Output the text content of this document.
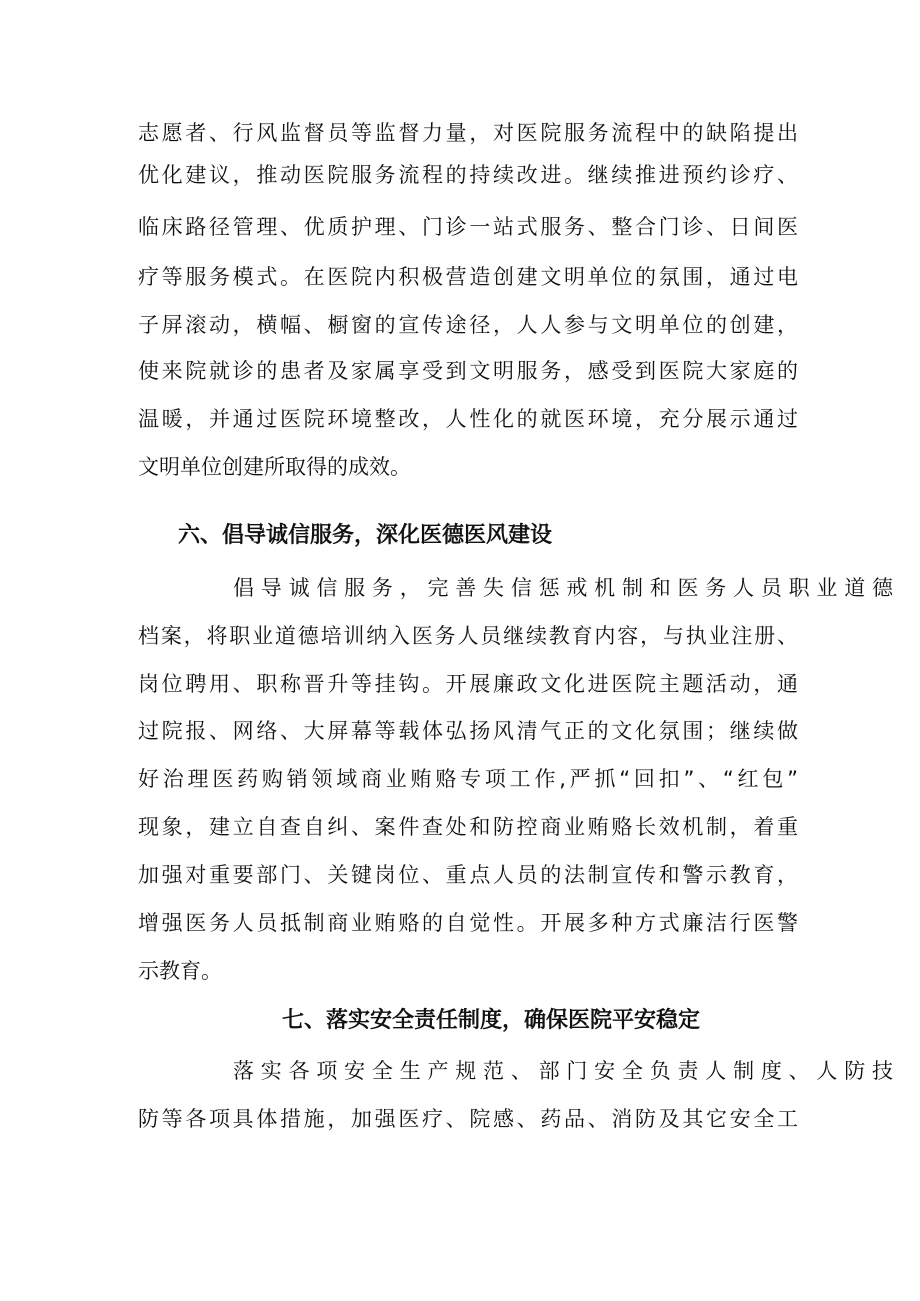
志愿者、行风监督员等监督力量，对医院服务流程中的缺陷提出
优化建议，推动医院服务流程的持续改进。继续推进预约诊疗、
临床路径管理、优质护理、门诊一站式服务、整合门诊、日间医
疗等服务模式。在医院内积极营造创建文明单位的氛围，通过电
子屏滚动，横幅、橱窗的宣传途径，人人参与文明单位的创建，
使来院就诊的患者及家属享受到文明服务，感受到医院大家庭的
温暖，并通过医院环境整改，人性化的就医环境，充分展示通过
文明单位创建所取得的成效。
六、倡导诚信服务，深化医德医风建设
倡导诚信服务，完善失信惩戒机制和医务人员职业道德
档案，将职业道德培训纳入医务人员继续教育内容，与执业注册、
岗位聘用、职称晋升等挂钩。开展廉政文化进医院主题活动，通
过院报、网络、大屏幕等载体弘扬风清气正的文化氛围；继续做
好治理医药购销领域商业贿赂专项工作,严抓“回扣”、“红包”
现象，建立自查自纠、案件查处和防控商业贿赂长效机制，着重
加强对重要部门、关键岗位、重点人员的法制宣传和警示教育，
增强医务人员抵制商业贿赂的自觉性。开展多种方式廉洁行医警
示教育。
七、落实安全责任制度，确保医院平安稳定
落实各项安全生产规范、部门安全负责人制度、人防技
防等各项具体措施，加强医疗、院感、药品、消防及其它安全工
